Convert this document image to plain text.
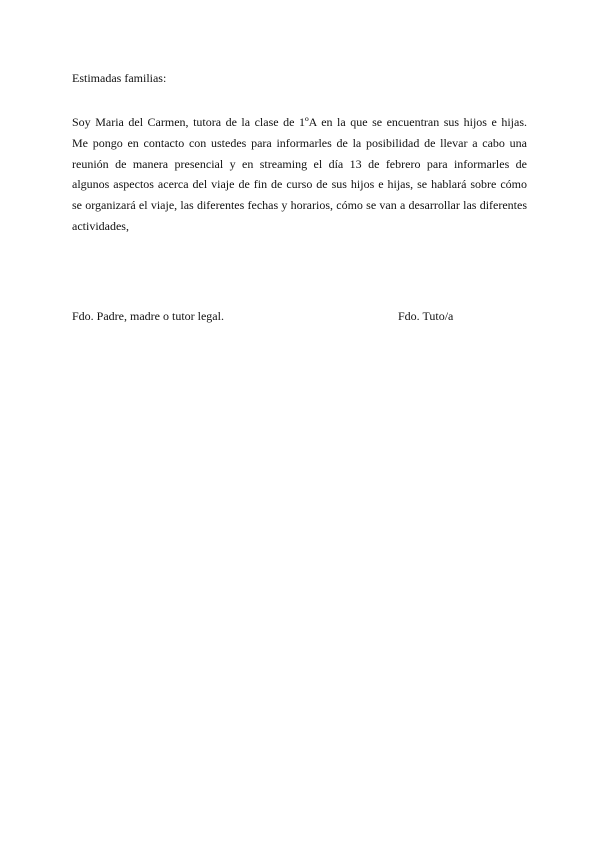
Estimadas familias:
Soy Maria del Carmen, tutora de la clase de 1ºA en la que se encuentran sus hijos e hijas.
Me pongo en contacto con ustedes para informarles de la posibilidad de llevar a cabo una
reunión de manera presencial y en streaming el día 13 de febrero para informarles de
algunos aspectos acerca del viaje de fin de curso de sus hijos e hijas, se hablará sobre cómo
se organizará el viaje, las diferentes fechas y horarios, cómo se van a desarrollar las diferentes
actividades,
Fdo. Padre, madre o tutor legal.	Fdo. Tuto/a
